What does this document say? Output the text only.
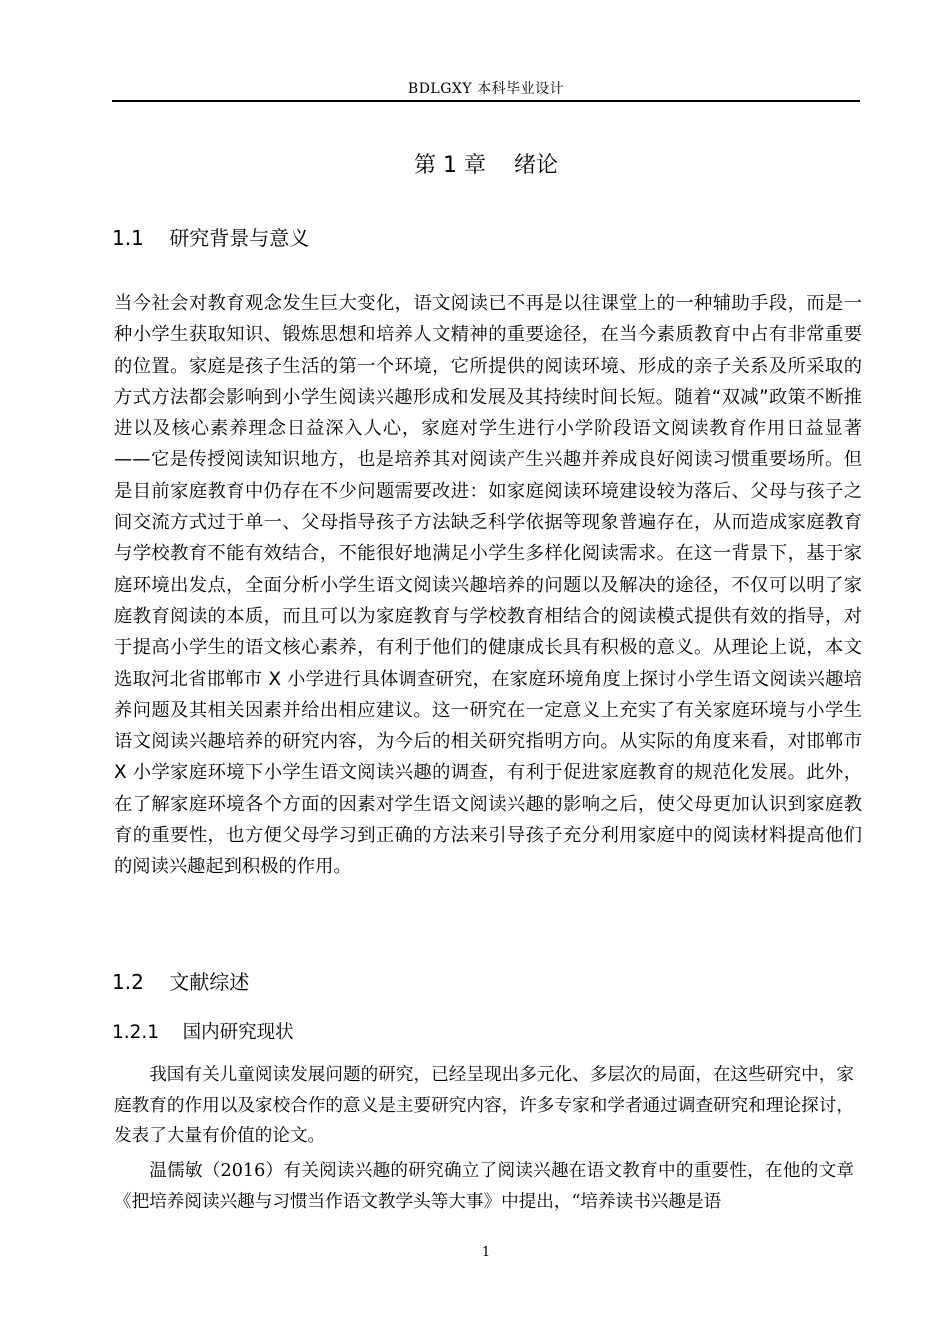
BDLGXY 本科毕业设计
第 1 章    绪论
1.1    研究背景与意义

当今社会对教育观念发生巨大变化，语文阅读已不再是以往课堂上的一种辅助手段，而是一种小学生获取知识、锻炼思想和培养人文精神的重要途径，在当今素质教育中占有非常重要的位置。家庭是孩子生活的第一个环境，它所提供的阅读环境、形成的亲子关系及所采取的方式方法都会影响到小学生阅读兴趣形成和发展及其持续时间长短。随着“双减”政策不断推进以及核心素养理念日益深入人心，家庭对学生进行小学阶段语文阅读教育作用日益显著——它是传授阅读知识地方，也是培养其对阅读产生兴趣并养成良好阅读习惯重要场所。但是目前家庭教育中仍存在不少问题需要改进：如家庭阅读环境建设较为落后、父母与孩子之间交流方式过于单一、父母指导孩子方法缺乏科学依据等现象普遍存在，从而造成家庭教育与学校教育不能有效结合，不能很好地满足小学生多样化阅读需求。在这一背景下，基于家庭环境出发点，全面分析小学生语文阅读兴趣培养的问题以及解决的途径，不仅可以明了家庭教育阅读的本质，而且可以为家庭教育与学校教育相结合的阅读模式提供有效的指导，对于提高小学生的语文核心素养，有利于他们的健康成长具有积极的意义。从理论上说，本文选取河北省邯郸市 X 小学进行具体调查研究，在家庭环境角度上探讨小学生语文阅读兴趣培养问题及其相关因素并给出相应建议。这一研究在一定意义上充实了有关家庭环境与小学生语文阅读兴趣培养的研究内容，为今后的相关研究指明方向。从实际的角度来看，对邯郸市 X 小学家庭环境下小学生语文阅读兴趣的调查，有利于促进家庭教育的规范化发展。此外，在了解家庭环境各个方面的因素对学生语文阅读兴趣的影响之后，使父母更加认识到家庭教育的重要性，也方便父母学习到正确的方法来引导孩子充分利用家庭中的阅读材料提高他们的阅读兴趣起到积极的作用。

1.2    文献综述
1.2.1    国内研究现状

我国有关儿童阅读发展问题的研究，已经呈现出多元化、多层次的局面，在这些研究中，家庭教育的作用以及家校合作的意义是主要研究内容，许多专家和学者通过调查研究和理论探讨，发表了大量有价值的论文。

温儒敏（2016）有关阅读兴趣的研究确立了阅读兴趣在语文教育中的重要性，在他的文章《把培养阅读兴趣与习惯当作语文教学头等大事》中提出，“培养读书兴趣是语

1
